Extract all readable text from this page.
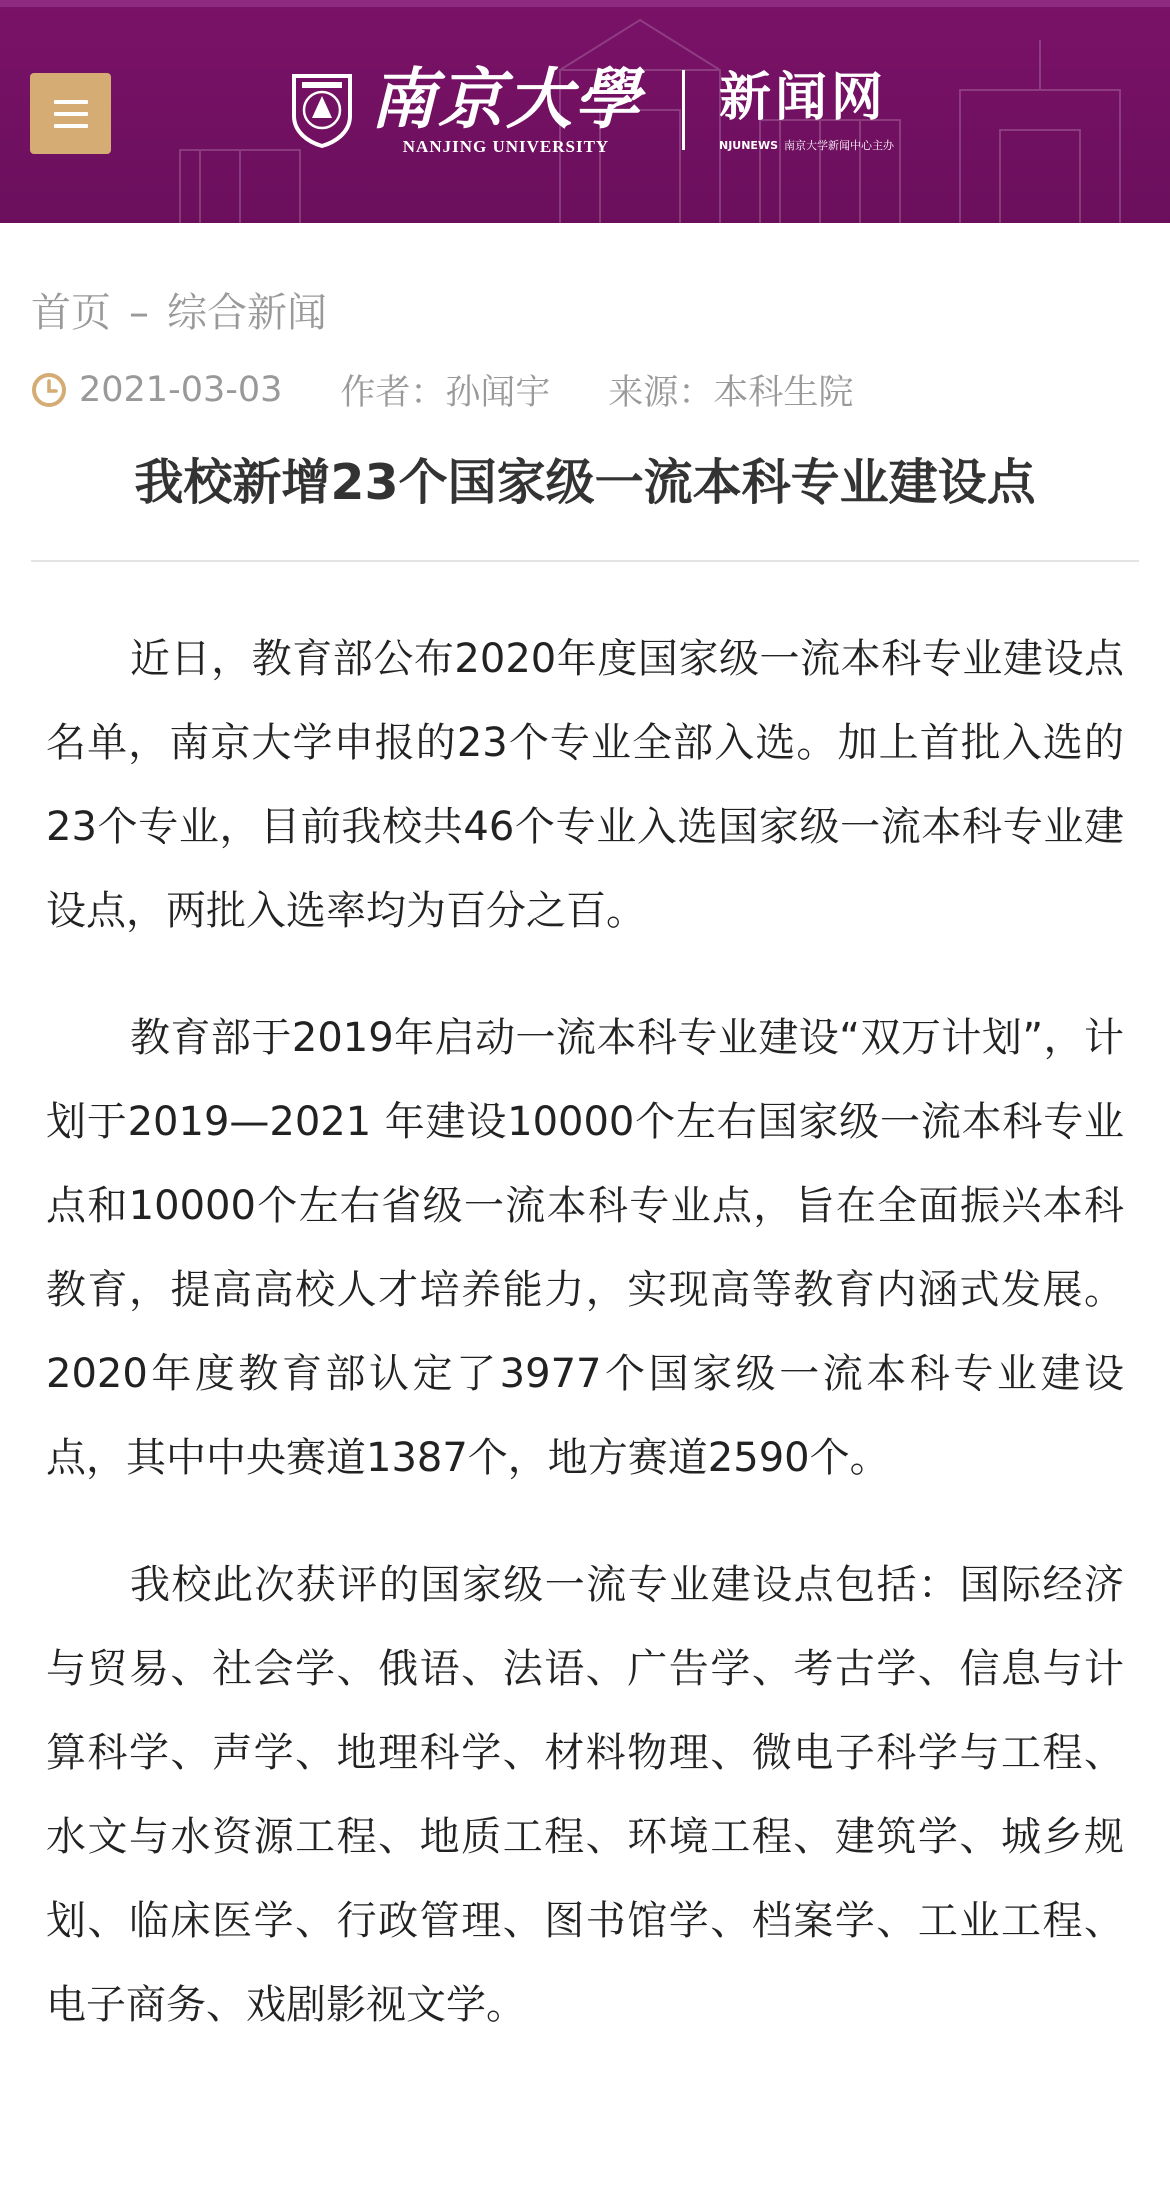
南京大學
NANJING UNIVERSITY
新闻网
NJUNEWS 南京大学新闻中心主办
首页 – 综合新闻
2021-03-03 作者：孙闻宇 来源：本科生院
我校新增23个国家级一流本科专业建设点

近日，教育部公布2020年度国家级一流本科专业建设点名单，南京大学申报的23个专业全部入选。加上首批入选的23个专业，目前我校共46个专业入选国家级一流本科专业建设点，两批入选率均为百分之百。

教育部于2019年启动一流本科专业建设“双万计划”，计划于2019—2021 年建设10000个左右国家级一流本科专业点和10000个左右省级一流本科专业点，旨在全面振兴本科教育，提高高校人才培养能力，实现高等教育内涵式发展。2020年度教育部认定了3977个国家级一流本科专业建设点，其中中央赛道1387个，地方赛道2590个。

我校此次获评的国家级一流专业建设点包括：国际经济与贸易、社会学、俄语、法语、广告学、考古学、信息与计算科学、声学、地理科学、材料物理、微电子科学与工程、水文与水资源工程、地质工程、环境工程、建筑学、城乡规划、临床医学、行政管理、图书馆学、档案学、工业工程、电子商务、戏剧影视文学。
